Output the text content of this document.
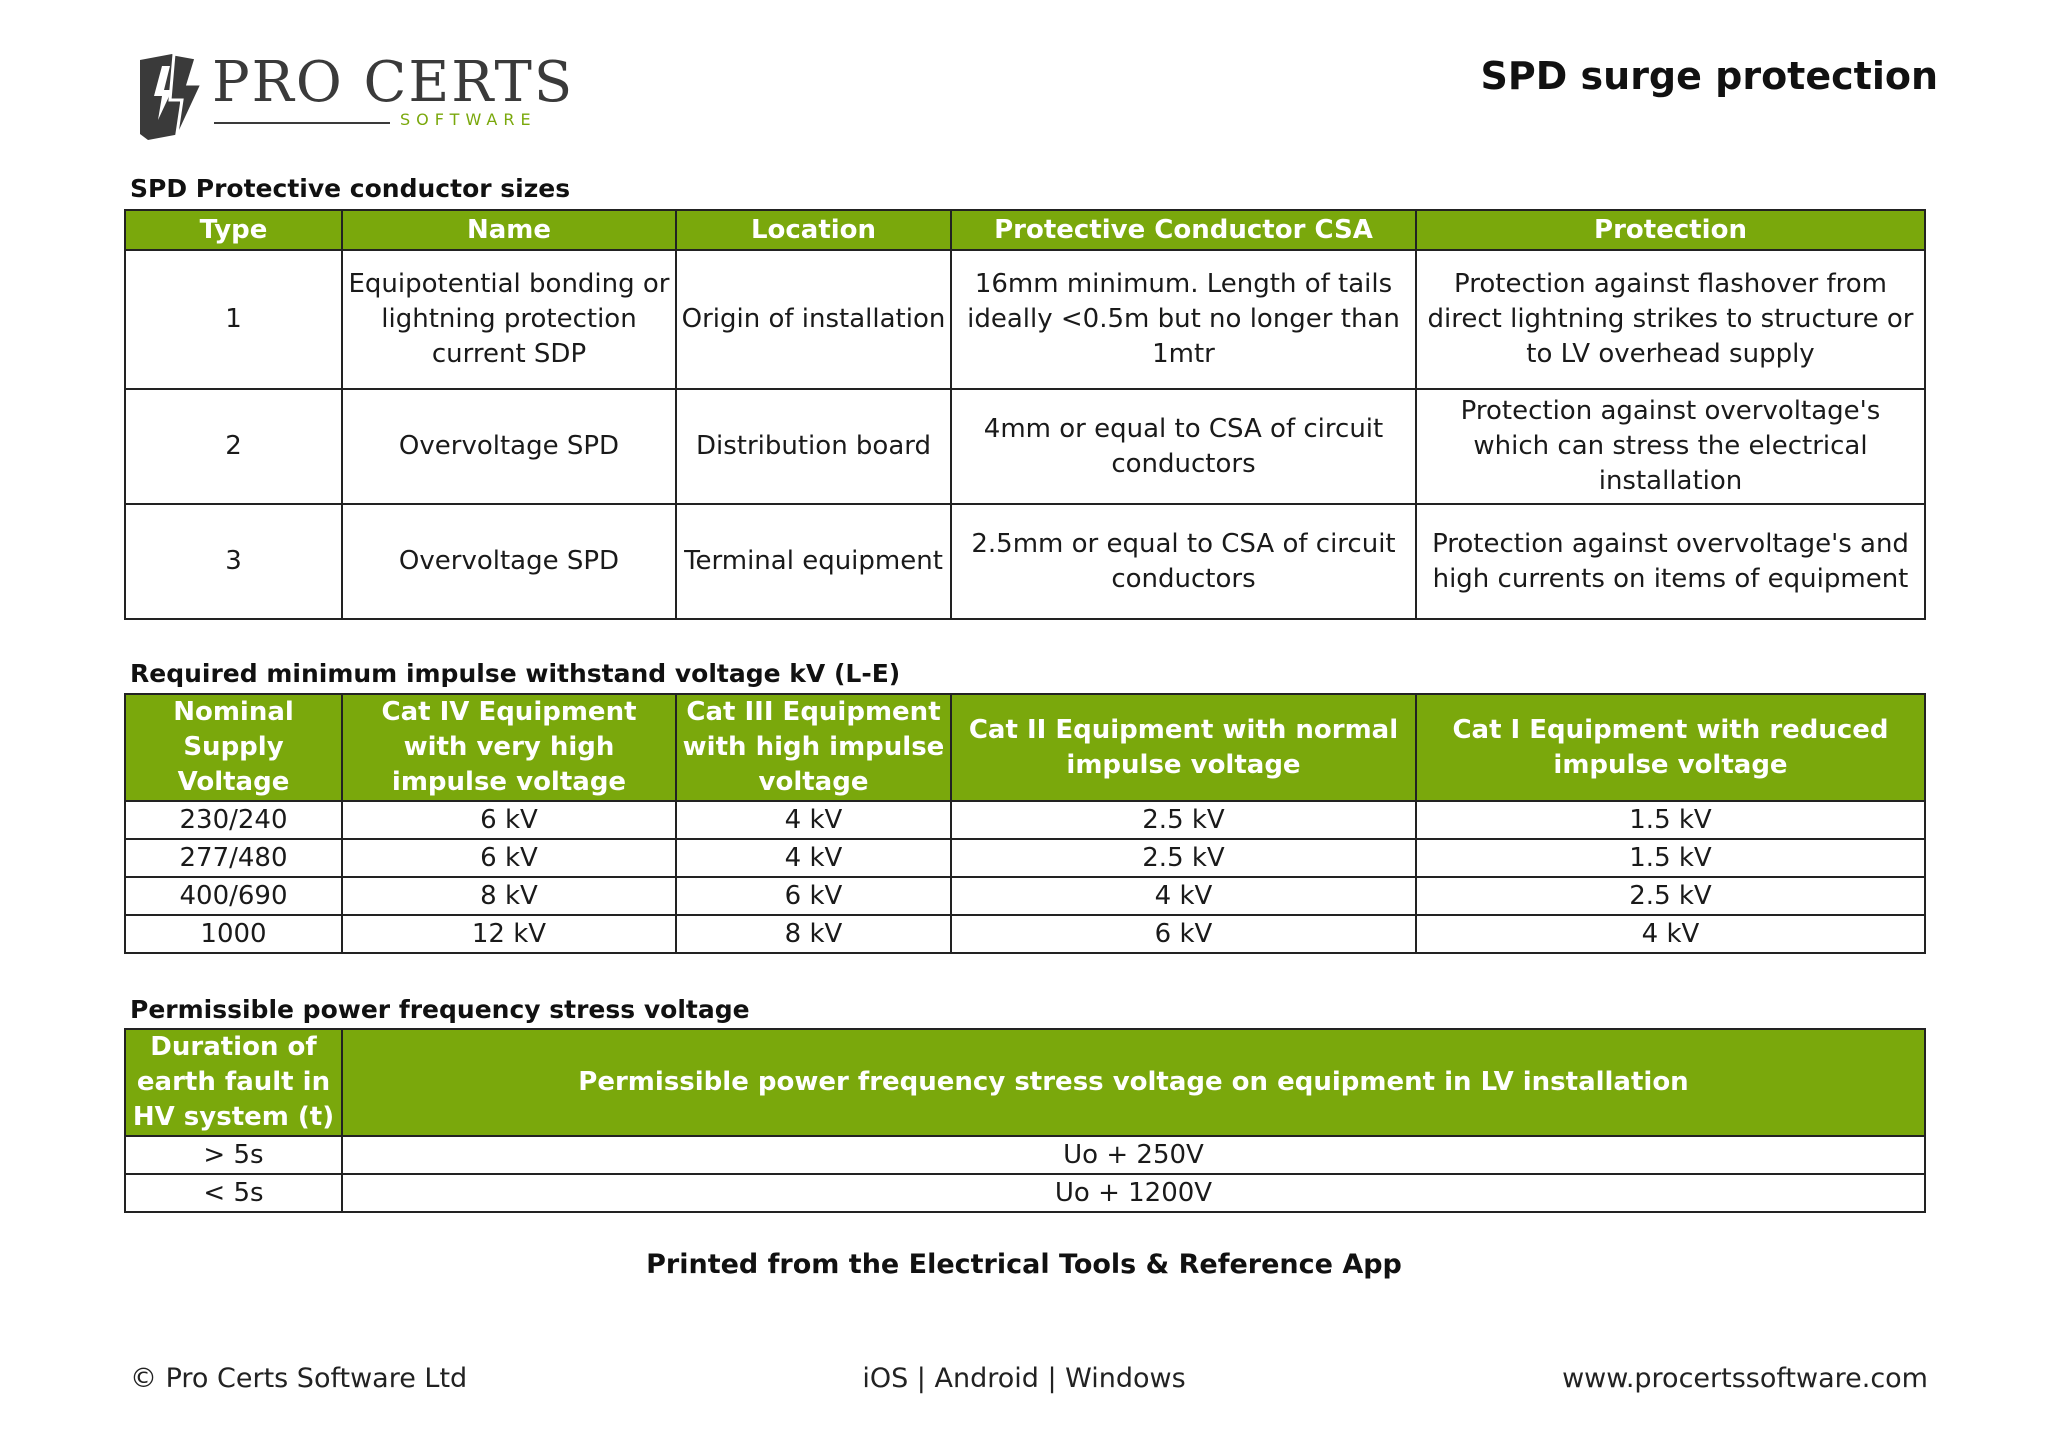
PRO CERTS
SOFTWARE
SPD surge protection
SPD Protective conductor sizes
Type	Name	Location	Protective Conductor CSA	Protection
1	Equipotential bonding or lightning protection current SDP	Origin of installation	16mm minimum. Length of tails ideally <0.5m but no longer than 1mtr	Protection against flashover from direct lightning strikes to structure or to LV overhead supply
2	Overvoltage SPD	Distribution board	4mm or equal to CSA of circuit conductors	Protection against overvoltage's which can stress the electrical installation
3	Overvoltage SPD	Terminal equipment	2.5mm or equal to CSA of circuit conductors	Protection against overvoltage's and high currents on items of equipment
Required minimum impulse withstand voltage kV (L-E)
Nominal Supply Voltage	Cat IV Equipment with very high impulse voltage	Cat III Equipment with high impulse voltage	Cat II Equipment with normal impulse voltage	Cat I Equipment with reduced impulse voltage
230/240	6 kV	4 kV	2.5 kV	1.5 kV
277/480	6 kV	4 kV	2.5 kV	1.5 kV
400/690	8 kV	6 kV	4 kV	2.5 kV
1000	12 kV	8 kV	6 kV	4 kV
Permissible power frequency stress voltage
Duration of earth fault in HV system (t)	Permissible power frequency stress voltage on equipment in LV installation
> 5s	Uo + 250V
< 5s	Uo + 1200V
Printed from the Electrical Tools & Reference App
© Pro Certs Software Ltd	iOS | Android | Windows	www.procertssoftware.com
